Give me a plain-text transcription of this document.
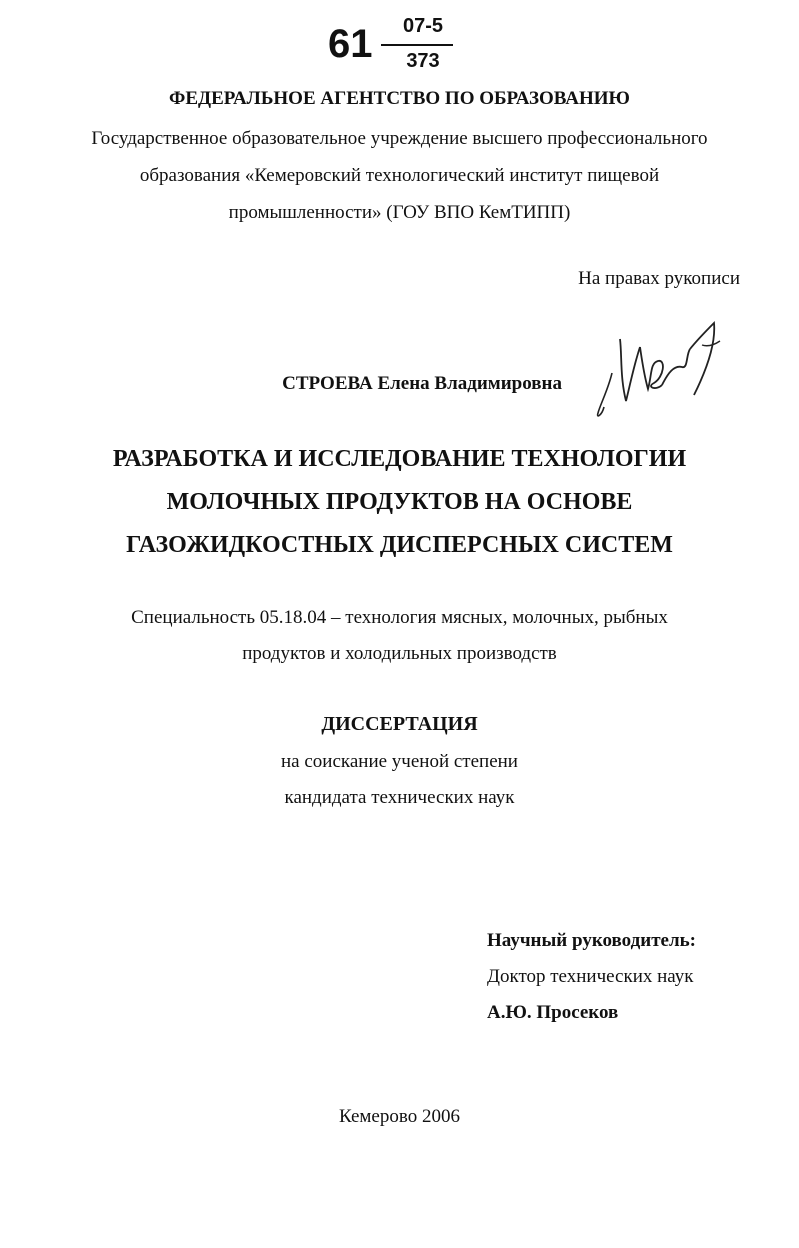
61	07-5
373
ФЕДЕРАЛЬНОЕ АГЕНТСТВО ПО ОБРАЗОВАНИЮ
Государственное образовательное учреждение высшего профессионального
образования «Кемеровский технологический институт пищевой
промышленности» (ГОУ ВПО КемТИПП)
На правах рукописи
СТРОЕВА Елена Владимировна
РАЗРАБОТКА И ИССЛЕДОВАНИЕ ТЕХНОЛОГИИ
МОЛОЧНЫХ ПРОДУКТОВ НА ОСНОВЕ
ГАЗОЖИДКОСТНЫХ ДИСПЕРСНЫХ СИСТЕМ
Специальность 05.18.04 – технология мясных, молочных, рыбных
продуктов и холодильных производств
ДИССЕРТАЦИЯ
на соискание ученой степени
кандидата технических наук
Научный руководитель:
Доктор технических наук
А.Ю. Просеков
Кемерово 2006
